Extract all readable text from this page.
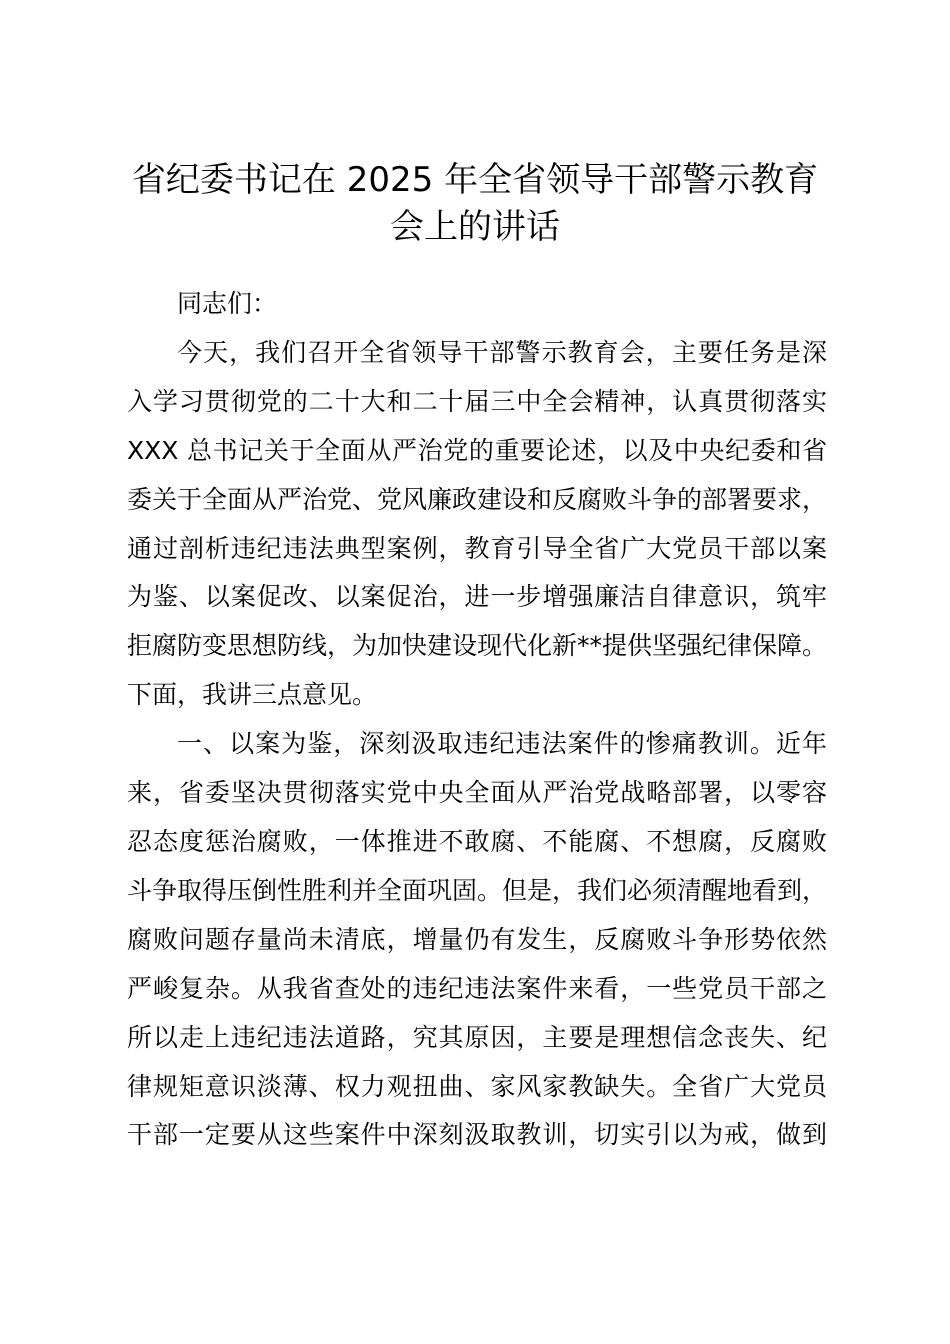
省纪委书记在 2025 年全省领导干部警示教育
会上的讲话
同志们：
今天，我们召开全省领导干部警示教育会，主要任务是深
入学习贯彻党的二十大和二十届三中全会精神，认真贯彻落实
XXX 总书记关于全面从严治党的重要论述，以及中央纪委和省
委关于全面从严治党、党风廉政建设和反腐败斗争的部署要求，
通过剖析违纪违法典型案例，教育引导全省广大党员干部以案
为鉴、以案促改、以案促治，进一步增强廉洁自律意识，筑牢
拒腐防变思想防线，为加快建设现代化新**提供坚强纪律保障。
下面，我讲三点意见。
一、以案为鉴，深刻汲取违纪违法案件的惨痛教训。近年
来，省委坚决贯彻落实党中央全面从严治党战略部署，以零容
忍态度惩治腐败，一体推进不敢腐、不能腐、不想腐，反腐败
斗争取得压倒性胜利并全面巩固。但是，我们必须清醒地看到，
腐败问题存量尚未清底，增量仍有发生，反腐败斗争形势依然
严峻复杂。从我省查处的违纪违法案件来看，一些党员干部之
所以走上违纪违法道路，究其原因，主要是理想信念丧失、纪
律规矩意识淡薄、权力观扭曲、家风家教缺失。全省广大党员
干部一定要从这些案件中深刻汲取教训，切实引以为戒，做到
